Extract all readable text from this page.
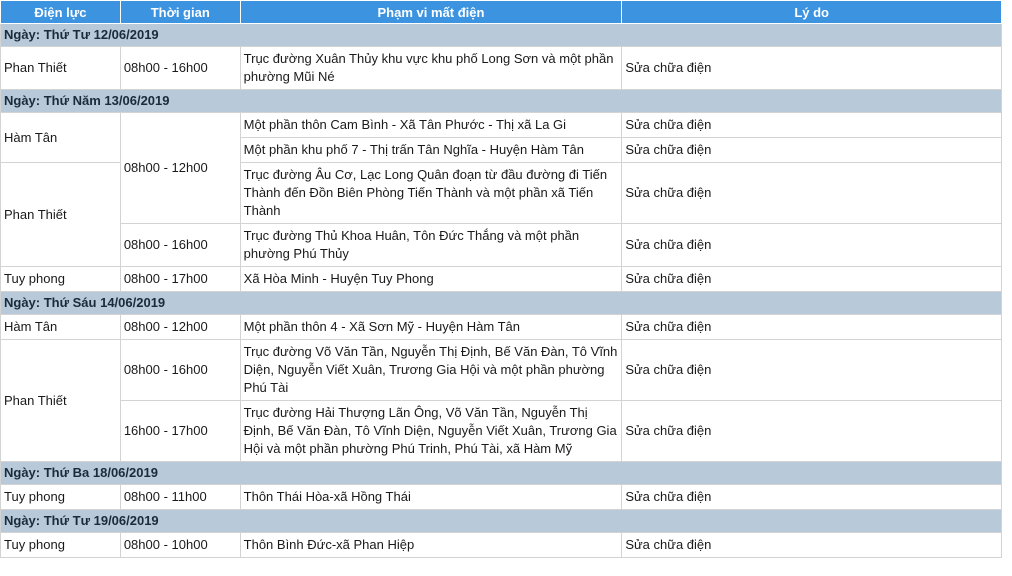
Điện lực	Thời gian	Phạm vi mất điện	Lý do
Ngày: Thứ Tư 12/06/2019			
Phan Thiết	08h00 - 16h00	Trục đường Xuân Thủy khu vực khu phố Long Sơn và một phần phường Mũi Né	Sửa chữa điện
Ngày: Thứ Năm 13/06/2019			
Hàm Tân	08h00 - 12h00	Một phần thôn Cam Bình - Xã Tân Phước - Thị xã La Gi	Sửa chữa điện
		Một phần khu phố 7 - Thị trấn Tân Nghĩa - Huyện Hàm Tân	Sửa chữa điện
Phan Thiết		Trục đường Âu Cơ, Lạc Long Quân đoạn từ đầu đường đi Tiến Thành đến Đồn Biên Phòng Tiến Thành và một phần xã Tiến Thành	Sửa chữa điện
	08h00 - 16h00	Trục đường Thủ Khoa Huân, Tôn Đức Thắng và một phần phường Phú Thủy	Sửa chữa điện
Tuy phong	08h00 - 17h00	Xã Hòa Minh - Huyện Tuy Phong	Sửa chữa điện
Ngày: Thứ Sáu 14/06/2019			
Hàm Tân	08h00 - 12h00	Một phần thôn 4 - Xã Sơn Mỹ - Huyện Hàm Tân	Sửa chữa điện
Phan Thiết	08h00 - 16h00	Trục đường Võ Văn Tần, Nguyễn Thị Định, Bế Văn Đàn, Tô Vĩnh Diện, Nguyễn Viết Xuân, Trương Gia Hội và một phần phường Phú Tài	Sửa chữa điện
	16h00 - 17h00	Trục đường Hải Thượng Lãn Ông, Võ Văn Tần, Nguyễn Thị Định, Bế Văn Đàn, Tô Vĩnh Diện, Nguyễn Viết Xuân, Trương Gia Hội và một phần phường Phú Trinh, Phú Tài, xã Hàm Mỹ	Sửa chữa điện
Ngày: Thứ Ba 18/06/2019			
Tuy phong	08h00 - 11h00	Thôn Thái Hòa-xã Hồng Thái	Sửa chữa điện
Ngày: Thứ Tư 19/06/2019			
Tuy phong	08h00 - 10h00	Thôn Bình Đức-xã Phan Hiệp	Sửa chữa điện
